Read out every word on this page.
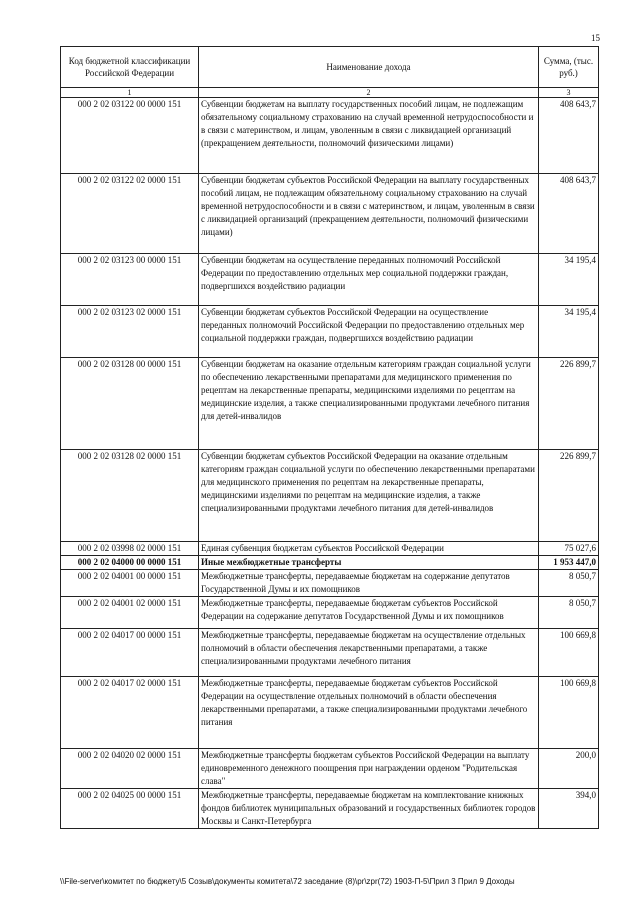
15
Код бюджетной классификации Российской Федерации	Наименование дохода	Сумма, (тыс. руб.)
1	2	3
000 2 02 03122 00 0000 151	Субвенции бюджетам на выплату государственных пособий лицам, не подлежащим обязательному социальному страхованию на случай временной нетрудоспособности и в связи с материнством, и лицам, уволенным в связи с ликвидацией организаций (прекращением деятельности, полномочий физическими лицами)	408 643,7
000 2 02 03122 02 0000 151	Субвенции бюджетам субъектов Российской Федерации на выплату государственных пособий лицам, не подлежащим обязательному социальному страхованию на случай временной нетрудоспособности и в связи с материнством, и лицам, уволенным в связи с ликвидацией организаций (прекращением деятельности, полномочий физическими лицами)	408 643,7
000 2 02 03123 00 0000 151	Субвенции бюджетам на осуществление переданных полномочий Российской Федерации по предоставлению отдельных мер социальной поддержки граждан, подвергшихся воздействию радиации	34 195,4
000 2 02 03123 02 0000 151	Субвенции бюджетам субъектов Российской Федерации на осуществление переданных полномочий Российской Федерации по предоставлению отдельных мер социальной поддержки граждан, подвергшихся воздействию радиации	34 195,4
000 2 02 03128 00 0000 151	Субвенции бюджетам на оказание отдельным категориям граждан социальной услуги по обеспечению лекарственными препаратами для медицинского применения по рецептам на лекарственные препараты, медицинскими изделиями по рецептам на медицинские изделия, а также специализированными продуктами лечебного питания для детей-инвалидов	226 899,7
000 2 02 03128 02 0000 151	Субвенции бюджетам субъектов Российской Федерации на оказание отдельным категориям граждан социальной услуги по обеспечению лекарственными препаратами для медицинского применения по рецептам на лекарственные препараты, медицинскими изделиями по рецептам на медицинские изделия, а также специализированными продуктами лечебного питания для детей-инвалидов	226 899,7
000 2 02 03998 02 0000 151	Единая субвенция бюджетам субъектов Российской Федерации	75 027,6
000 2 02 04000 00 0000 151	Иные межбюджетные трансферты	1 953 447,0
000 2 02 04001 00 0000 151	Межбюджетные трансферты, передаваемые бюджетам на содержание депутатов Государственной Думы и их помощников	8 050,7
000 2 02 04001 02 0000 151	Межбюджетные трансферты, передаваемые бюджетам субъектов Российской Федерации на содержание депутатов Государственной Думы и их помощников	8 050,7
000 2 02 04017 00 0000 151	Межбюджетные трансферты, передаваемые бюджетам на осуществление отдельных полномочий в области обеспечения лекарственными препаратами, а также специализированными продуктами лечебного питания	100 669,8
000 2 02 04017 02 0000 151	Межбюджетные трансферты, передаваемые бюджетам субъектов Российской Федерации на осуществление отдельных полномочий в области обеспечения лекарственными препаратами, а также специализированными продуктами лечебного питания	100 669,8
000 2 02 04020 02 0000 151	Межбюджетные трансферты бюджетам субъектов Российской Федерации на выплату единовременного денежного поощрения при награждении орденом "Родительская слава"	200,0
000 2 02 04025 00 0000 151	Межбюджетные трансферты, передаваемые бюджетам на комплектование книжных фондов библиотек муниципальных образований и государственных библиотек городов Москвы и Санкт-Петербурга	394,0
\\File-server\комитет по бюджету\5 Созыв\документы комитета\72 заседание (8)\pr\zpr(72) 1903-П-5\Прил 3 Прил 9 Доходы
